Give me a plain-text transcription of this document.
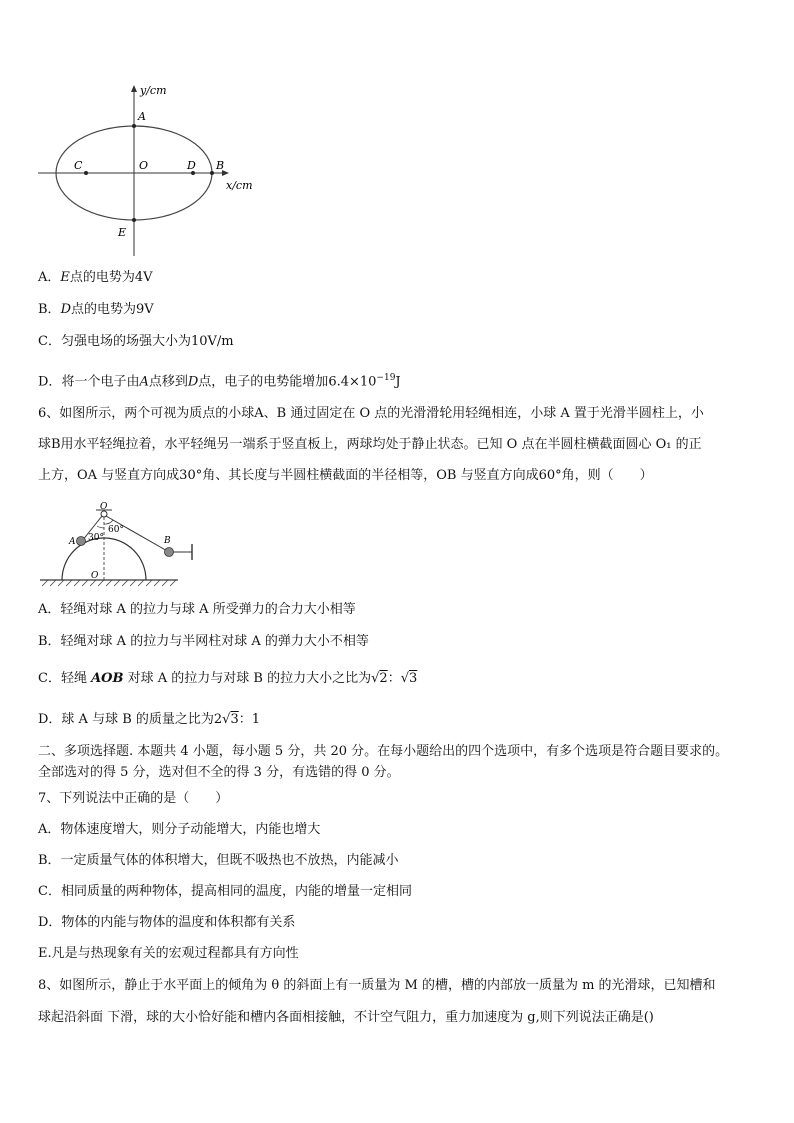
y/cm
x/cm
A
C	O	D B
E
A．E点的电势为4V
B．D点的电势为9V
C．匀强电场的场强大小为10V/m
D．将一个电子由A点移到D点，电子的电势能增加$6.4\times 10^{-19}J$
6、如图所示，两个可视为质点的小球A、B 通过固定在 O 点的光滑滑轮用轻绳相连，小球 A 置于光滑半圆柱上，小
球B用水平轻绳拉着，水平轻绳另一端系于竖直板上，两球均处于静止状态。已知 O 点在半圆柱横截面圆心 O₁ 的正
上方，OA 与竖直方向成30°角、其长度与半圆柱横截面的半径相等，OB 与竖直方向成60°角，则（　　）
O
60°
30°
A	B
O
A．轻绳对球 A 的拉力与球 A 所受弹力的合力大小相等
B．轻绳对球 A 的拉力与半网柱对球 A 的弹力大小不相等
C．轻绳 AOB 对球 A 的拉力与对球 B 的拉力大小之比为√2：√3
D．球 A 与球 B 的质量之比为2√3：1
二、多项选择题. 本题共 4 小题，每小题 5 分，共 20 分。在每小题给出的四个选项中，有多个选项是符合题目要求的。
全部选对的得 5 分，选对但不全的得 3 分，有选错的得 0 分。
7、下列说法中正确的是（　　）
A．物体速度增大，则分子动能增大，内能也增大
B．一定质量气体的体积增大，但既不吸热也不放热，内能减小
C．相同质量的两种物体，提高相同的温度，内能的增量一定相同
D．物体的内能与物体的温度和体积都有关系
E.凡是与热现象有关的宏观过程都具有方向性
8、如图所示，静止于水平面上的倾角为 θ 的斜面上有一质量为 M 的槽，槽的内部放一质量为 m 的光滑球，已知槽和
球起沿斜面 下滑，球的大小恰好能和槽内各面相接触，不计空气阻力，重力加速度为 g,则下列说法正确是()
